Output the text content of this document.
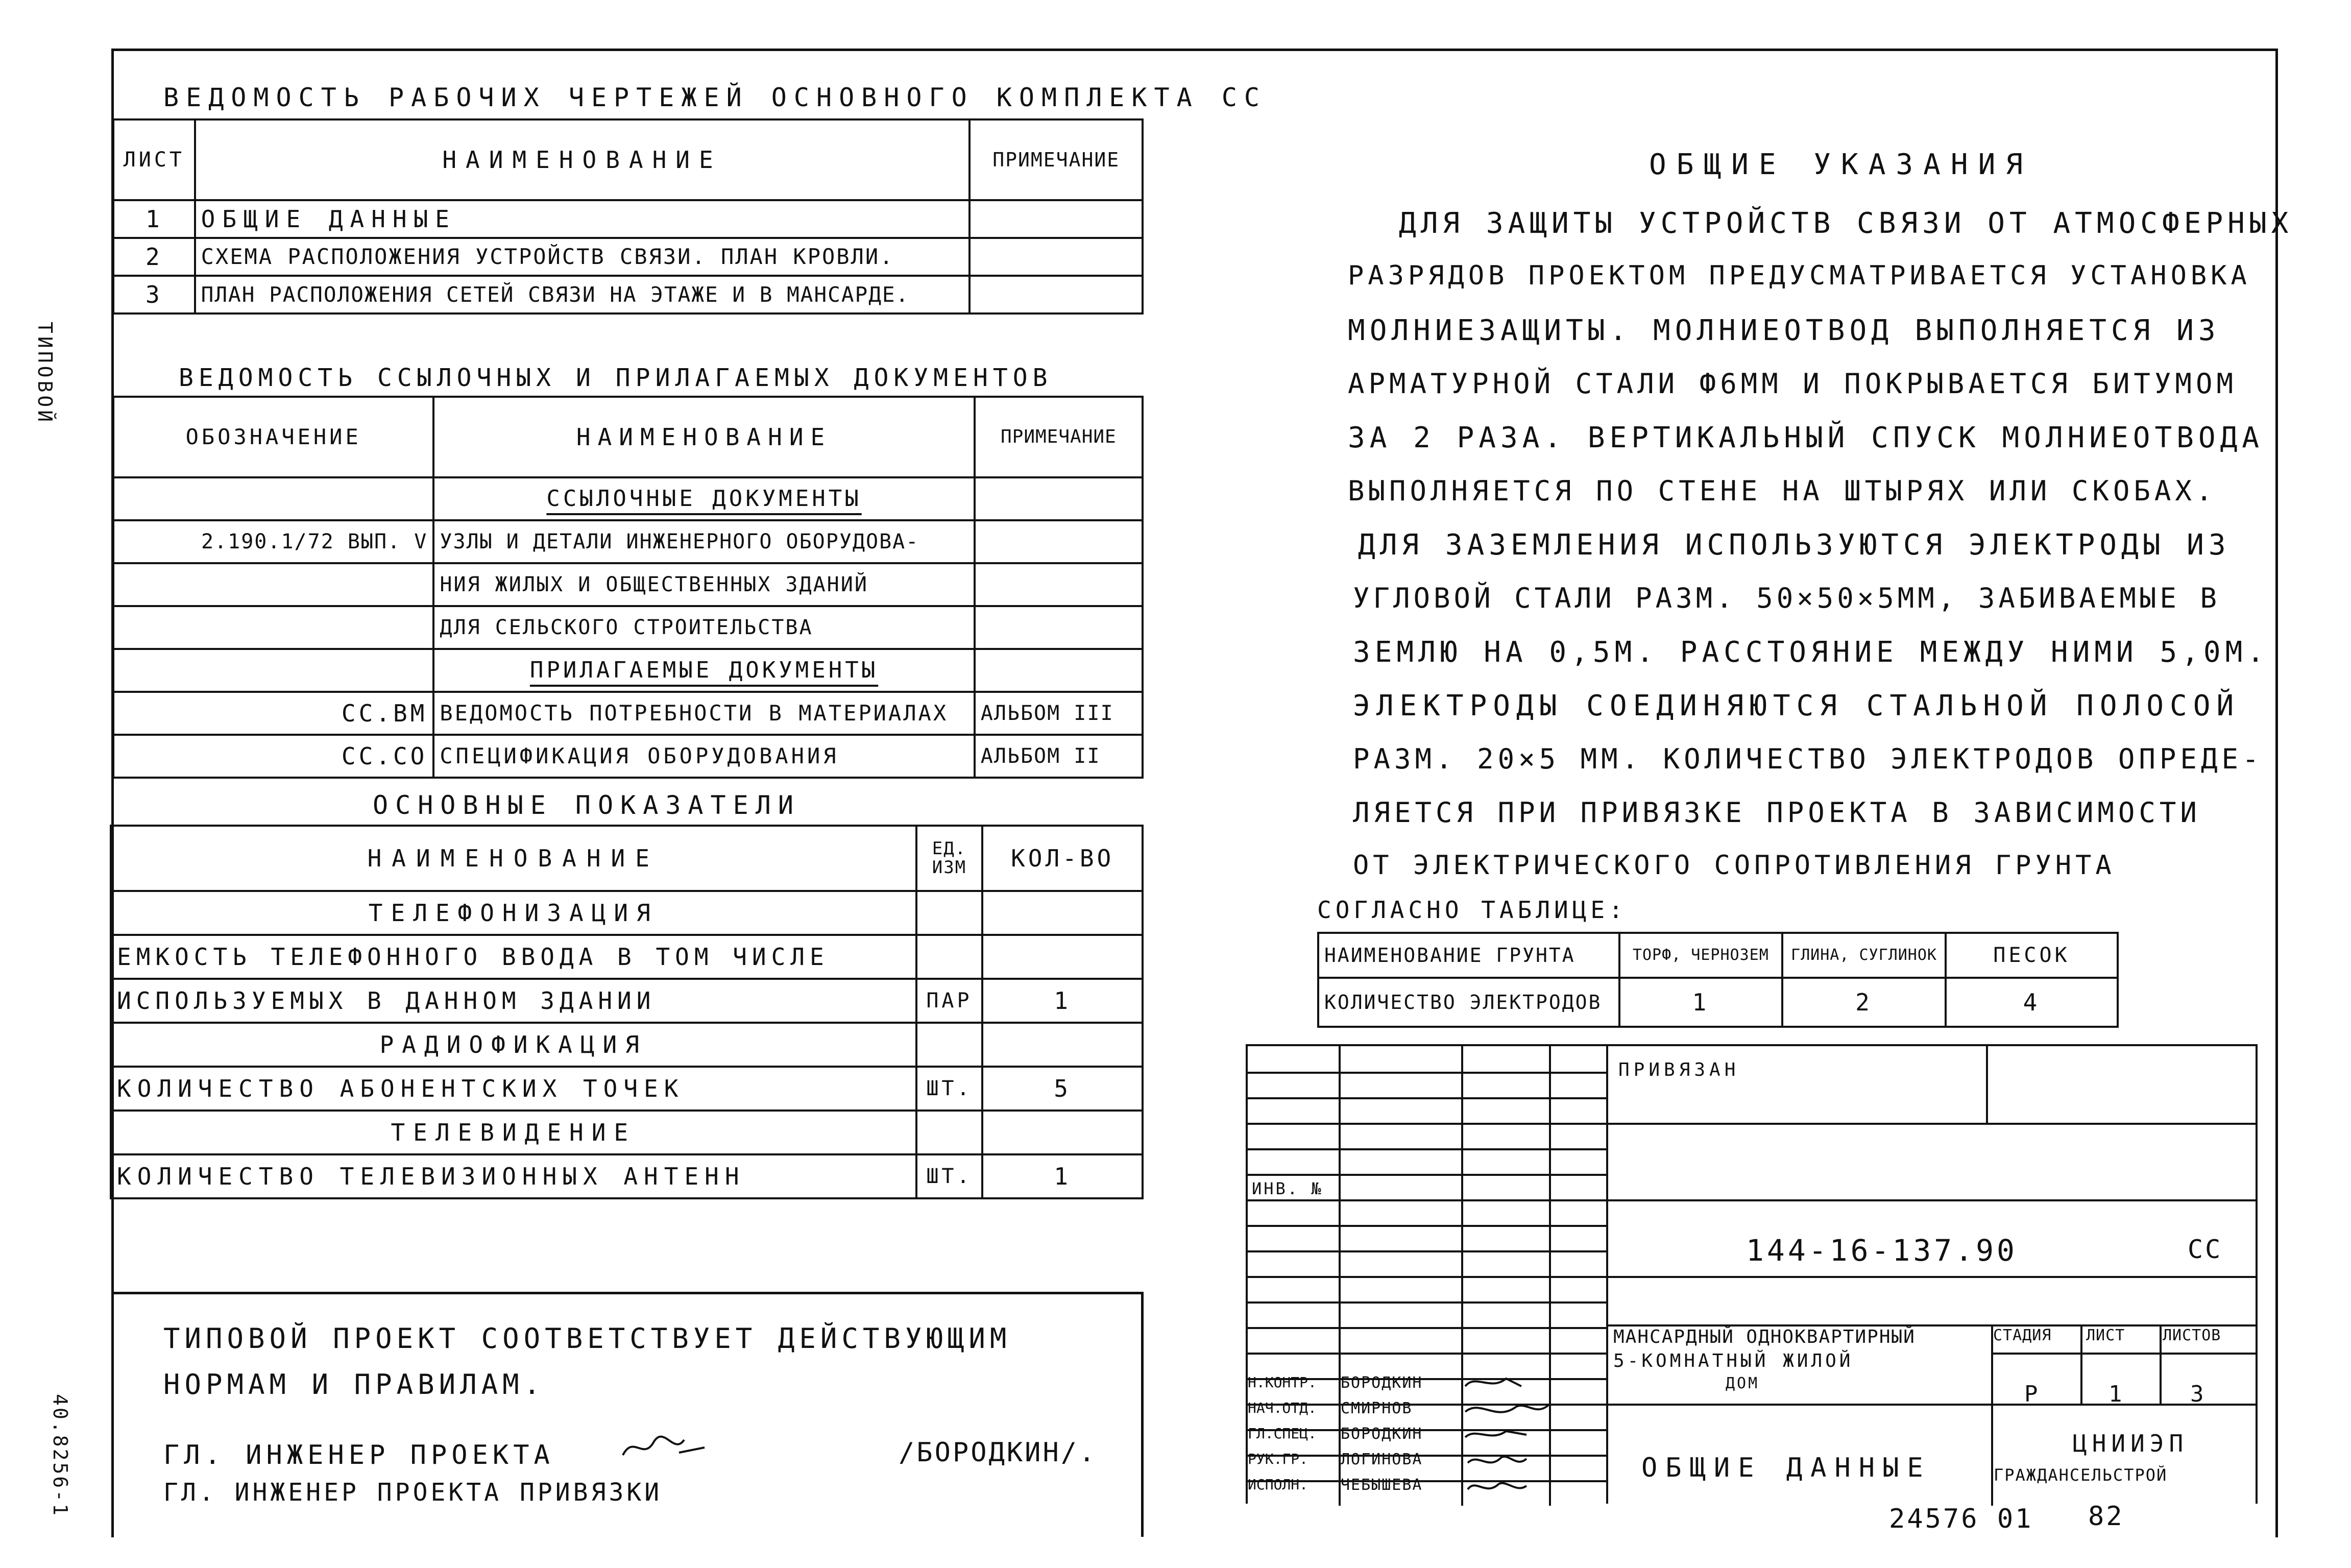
ТИПОВОЙ
40.8256-1
ВЕДОМОСТЬ РАБОЧИХ ЧЕРТЕЖЕЙ ОСНОВНОГО КОМПЛЕКТА СС
ЛИСТ	НАИМЕНОВАНИЕ	ПРИМЕЧАНИЕ
1	ОБЩИЕ ДАННЫЕ	
2	СХЕМА РАСПОЛОЖЕНИЯ УСТРОЙСТВ СВЯЗИ. ПЛАН КРОВЛИ.	
3	ПЛАН РАСПОЛОЖЕНИЯ СЕТЕЙ СВЯЗИ НА ЭТАЖЕ И В МАНСАРДЕ.	
ВЕДОМОСТЬ ССЫЛОЧНЫХ И ПРИЛАГАЕМЫХ ДОКУМЕНТОВ
ОБОЗНАЧЕНИЕ	НАИМЕНОВАНИЕ	ПРИМЕЧАНИЕ
	ССЫЛОЧНЫЕ ДОКУМЕНТЫ	
2.190.1/72 ВЫП. V	УЗЛЫ И ДЕТАЛИ ИНЖЕНЕРНОГО ОБОРУДОВА-	
	НИЯ ЖИЛЫХ И ОБЩЕСТВЕННЫХ ЗДАНИЙ	
	ДЛЯ СЕЛЬСКОГО СТРОИТЕЛЬСТВА	
	ПРИЛАГАЕМЫЕ ДОКУМЕНТЫ	
СС.ВМ	ВЕДОМОСТЬ ПОТРЕБНОСТИ В МАТЕРИАЛАХ	АЛЬБОМ III
СС.СО	СПЕЦИФИКАЦИЯ ОБОРУДОВАНИЯ	АЛЬБОМ II
ОСНОВНЫЕ ПОКАЗАТЕЛИ
НАИМЕНОВАНИЕ	ЕД. ИЗМ	КОЛ-ВО
ТЕЛЕФОНИЗАЦИЯ		
ЕМКОСТЬ ТЕЛЕФОННОГО ВВОДА В ТОМ ЧИСЛЕ		
ИСПОЛЬЗУЕМЫХ В ДАННОМ ЗДАНИИ	ПАР	1
РАДИОФИКАЦИЯ		
КОЛИЧЕСТВО АБОНЕНТСКИХ ТОЧЕК	ШТ.	5
ТЕЛЕВИДЕНИЕ		
КОЛИЧЕСТВО ТЕЛЕВИЗИОННЫХ АНТЕНН	ШТ.	1
ТИПОВОЙ ПРОЕКТ СООТВЕТСТВУЕТ ДЕЙСТВУЮЩИМ
НОРМАМ И ПРАВИЛАМ.
ГЛ. ИНЖЕНЕР ПРОЕКТА	/БОРОДКИН/.
ГЛ. ИНЖЕНЕР ПРОЕКТА ПРИВЯЗКИ
ОБЩИЕ УКАЗАНИЯ
ДЛЯ ЗАЩИТЫ УСТРОЙСТВ СВЯЗИ ОТ АТМОСФЕРНЫХ
РАЗРЯДОВ ПРОЕКТОМ ПРЕДУСМАТРИВАЕТСЯ УСТАНОВКА
МОЛНИЕЗАЩИТЫ. МОЛНИЕОТВОД ВЫПОЛНЯЕТСЯ ИЗ
АРМАТУРНОЙ СТАЛИ Ф6ММ И ПОКРЫВАЕТСЯ БИТУМОМ
ЗА 2 РАЗА. ВЕРТИКАЛЬНЫЙ СПУСК МОЛНИЕОТВОДА
ВЫПОЛНЯЕТСЯ ПО СТЕНЕ НА ШТЫРЯХ ИЛИ СКОБАХ.
ДЛЯ ЗАЗЕМЛЕНИЯ ИСПОЛЬЗУЮТСЯ ЭЛЕКТРОДЫ ИЗ
УГЛОВОЙ СТАЛИ РАЗМ. 50×50×5ММ, ЗАБИВАЕМЫЕ В
ЗЕМЛЮ НА 0,5М. РАССТОЯНИЕ МЕЖДУ НИМИ 5,0М.
ЭЛЕКТРОДЫ СОЕДИНЯЮТСЯ СТАЛЬНОЙ ПОЛОСОЙ
РАЗМ. 20×5 ММ. КОЛИЧЕСТВО ЭЛЕКТРОДОВ ОПРЕДЕ-
ЛЯЕТСЯ ПРИ ПРИВЯЗКЕ ПРОЕКТА В ЗАВИСИМОСТИ
ОТ ЭЛЕКТРИЧЕСКОГО СОПРОТИВЛЕНИЯ ГРУНТА
СОГЛАСНО ТАБЛИЦЕ:
НАИМЕНОВАНИЕ ГРУНТА	ТОРФ, ЧЕРНОЗЕМ	ГЛИНА, СУГЛИНОК	ПЕСОК
КОЛИЧЕСТВО ЭЛЕКТРОДОВ	1	2	4
ИНВ. №
Н.КОНТР. БОРОДКИН
НАЧ.ОТД. СМИРНОВ
ГЛ.СПЕЦ. БОРОДКИН
РУК.ГР. ЛОГИНОВА
ИСПОЛН. ЧЕБЫШЕВА
ПРИВЯЗАН
144-16-137.90	СС
МАНСАРДНЫЙ ОДНОКВАРТИРНЫЙ
5-КОМНАТНЫЙ ЖИЛОЙ
ДОМ
СТАДИЯ ЛИСТ ЛИСТОВ
Р	1	3
ОБЩИЕ ДАННЫЕ
ЦНИИЭП
ГРАЖДАНСЕЛЬСТРОЙ
24576 01 82
